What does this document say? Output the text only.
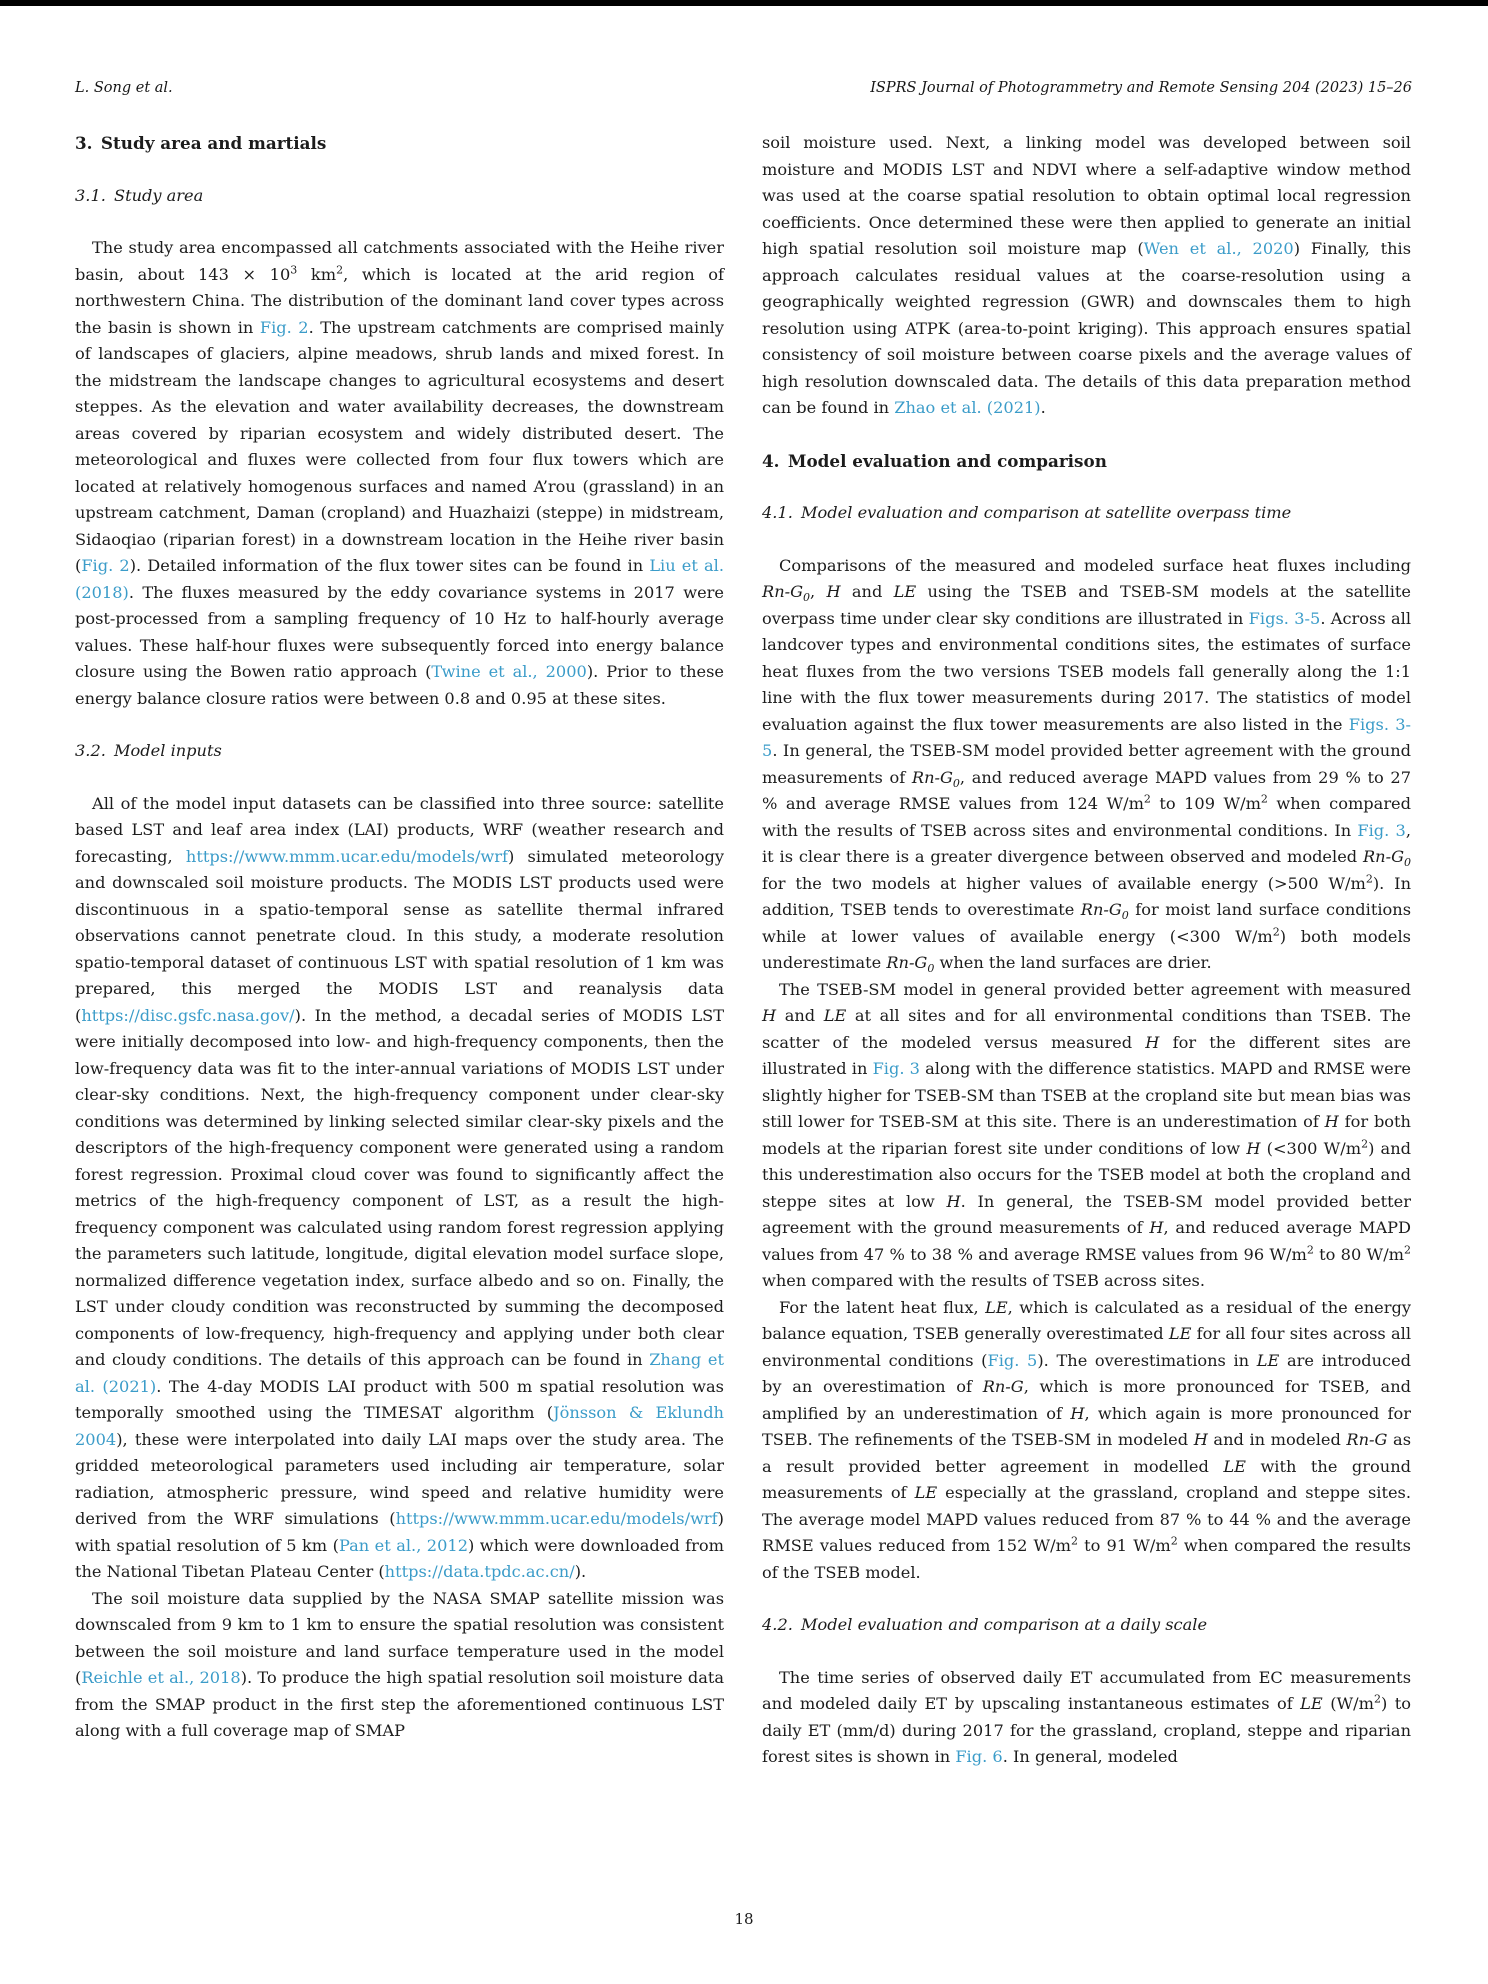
L. Song et al.	ISPRS Journal of Photogrammetry and Remote Sensing 204 (2023) 15–26
3. Study area and martials
3.1. Study area

The study area encompassed all catchments associated with the Heihe river basin, about $143 \times 10^3$ $km^2$, which is located at the arid region of northwestern China. The distribution of the dominant land cover types across the basin is shown in Fig. 2. The upstream catchments are comprised mainly of landscapes of glaciers, alpine meadows, shrub lands and mixed forest. In the midstream the landscape changes to agricultural ecosystems and desert steppes. As the elevation and water availability decreases, the downstream areas covered by riparian ecosystem and widely distributed desert. The meteorological and fluxes were collected from four flux towers which are located at relatively homogenous surfaces and named A’rou (grassland) in an upstream catchment, Daman (cropland) and Huazhaizi (steppe) in midstream, Sidaoqiao (riparian forest) in a downstream location in the Heihe river basin (Fig. 2). Detailed information of the flux tower sites can be found in Liu et al. (2018). The fluxes measured by the eddy covariance systems in 2017 were post-processed from a sampling frequency of 10 Hz to half-hourly average values. These half-hour fluxes were subsequently forced into energy balance closure using the Bowen ratio approach (Twine et al., 2000). Prior to these energy balance closure ratios were between 0.8 and 0.95 at these sites.

3.2. Model inputs

All of the model input datasets can be classified into three source: satellite based LST and leaf area index (LAI) products, WRF (weather research and forecasting, https://www.mmm.ucar.edu/models/wrf) simulated meteorology and downscaled soil moisture products. The MODIS LST products used were discontinuous in a spatio-temporal sense as satellite thermal infrared observations cannot penetrate cloud. In this study, a moderate resolution spatio-temporal dataset of continuous LST with spatial resolution of 1 km was prepared, this merged the MODIS LST and reanalysis data (https://disc.gsfc.nasa.gov/). In the method, a decadal series of MODIS LST were initially decomposed into low- and high-frequency components, then the low-frequency data was fit to the inter-annual variations of MODIS LST under clear-sky conditions. Next, the high-frequency component under clear-sky conditions was determined by linking selected similar clear-sky pixels and the descriptors of the high-frequency component were generated using a random forest regression. Proximal cloud cover was found to significantly affect the metrics of the high-frequency component of LST, as a result the high-frequency component was calculated using random forest regression applying the parameters such latitude, longitude, digital elevation model surface slope, normalized difference vegetation index, surface albedo and so on. Finally, the LST under cloudy condition was reconstructed by summing the decomposed components of low-frequency, high-frequency and applying under both clear and cloudy conditions. The details of this approach can be found in Zhang et al. (2021). The 4-day MODIS LAI product with 500 m spatial resolution was temporally smoothed using the TIMESAT algorithm (Jönsson & Eklundh 2004), these were interpolated into daily LAI maps over the study area. The gridded meteorological parameters used including air temperature, solar radiation, atmospheric pressure, wind speed and relative humidity were derived from the WRF simulations (https://www.mmm.ucar.edu/models/wrf) with spatial resolution of 5 km (Pan et al., 2012) which were downloaded from the National Tibetan Plateau Center (https://data.tpdc.ac.cn/).

The soil moisture data supplied by the NASA SMAP satellite mission was downscaled from 9 km to 1 km to ensure the spatial resolution was consistent between the soil moisture and land surface temperature used in the model (Reichle et al., 2018). To produce the high spatial resolution soil moisture data from the SMAP product in the first step the aforementioned continuous LST along with a full coverage map of SMAP

soil moisture used. Next, a linking model was developed between soil moisture and MODIS LST and NDVI where a self-adaptive window method was used at the coarse spatial resolution to obtain optimal local regression coefficients. Once determined these were then applied to generate an initial high spatial resolution soil moisture map (Wen et al., 2020) Finally, this approach calculates residual values at the coarse-resolution using a geographically weighted regression (GWR) and downscales them to high resolution using ATPK (area-to-point kriging). This approach ensures spatial consistency of soil moisture between coarse pixels and the average values of high resolution downscaled data. The details of this data preparation method can be found in Zhao et al. (2021).

4. Model evaluation and comparison
4.1. Model evaluation and comparison at satellite overpass time

Comparisons of the measured and modeled surface heat fluxes including $Rn-G_0$, H and LE using the TSEB and TSEB-SM models at the satellite overpass time under clear sky conditions are illustrated in Figs. 3-5. Across all landcover types and environmental conditions sites, the estimates of surface heat fluxes from the two versions TSEB models fall generally along the 1:1 line with the flux tower measurements during 2017. The statistics of model evaluation against the flux tower measurements are also listed in the Figs. 3-5. In general, the TSEB-SM model provided better agreement with the ground measurements of $Rn-G_0$, and reduced average MAPD values from 29 % to 27 % and average RMSE values from 124 $W/m^2$ to 109 $W/m^2$ when compared with the results of TSEB across sites and environmental conditions. In Fig. 3, it is clear there is a greater divergence between observed and modeled $Rn-G_0$ for the two models at higher values of available energy (>500 $W/m^2$). In addition, TSEB tends to overestimate $Rn-G_0$ for moist land surface conditions while at lower values of available energy (<300 $W/m^2$) both models underestimate $Rn-G_0$ when the land surfaces are drier.

The TSEB-SM model in general provided better agreement with measured H and LE at all sites and for all environmental conditions than TSEB. The scatter of the modeled versus measured H for the different sites are illustrated in Fig. 3 along with the difference statistics. MAPD and RMSE were slightly higher for TSEB-SM than TSEB at the cropland site but mean bias was still lower for TSEB-SM at this site. There is an underestimation of H for both models at the riparian forest site under conditions of low H (<300 $W/m^2$) and this underestimation also occurs for the TSEB model at both the cropland and steppe sites at low H. In general, the TSEB-SM model provided better agreement with the ground measurements of H, and reduced average MAPD values from 47 % to 38 % and average RMSE values from 96 $W/m^2$ to 80 $W/m^2$ when compared with the results of TSEB across sites.

For the latent heat flux, LE, which is calculated as a residual of the energy balance equation, TSEB generally overestimated LE for all four sites across all environmental conditions (Fig. 5). The overestimations in LE are introduced by an overestimation of Rn-G, which is more pronounced for TSEB, and amplified by an underestimation of H, which again is more pronounced for TSEB. The refinements of the TSEB-SM in modeled H and in modeled Rn-G as a result provided better agreement in modelled LE with the ground measurements of LE especially at the grassland, cropland and steppe sites. The average model MAPD values reduced from 87 % to 44 % and the average RMSE values reduced from 152 $W/m^2$ to 91 $W/m^2$ when compared the results of the TSEB model.

4.2. Model evaluation and comparison at a daily scale

The time series of observed daily ET accumulated from EC measurements and modeled daily ET by upscaling instantaneous estimates of LE $(W/m^2)$ to daily ET (mm/d) during 2017 for the grassland, cropland, steppe and riparian forest sites is shown in Fig. 6. In general, modeled

18
